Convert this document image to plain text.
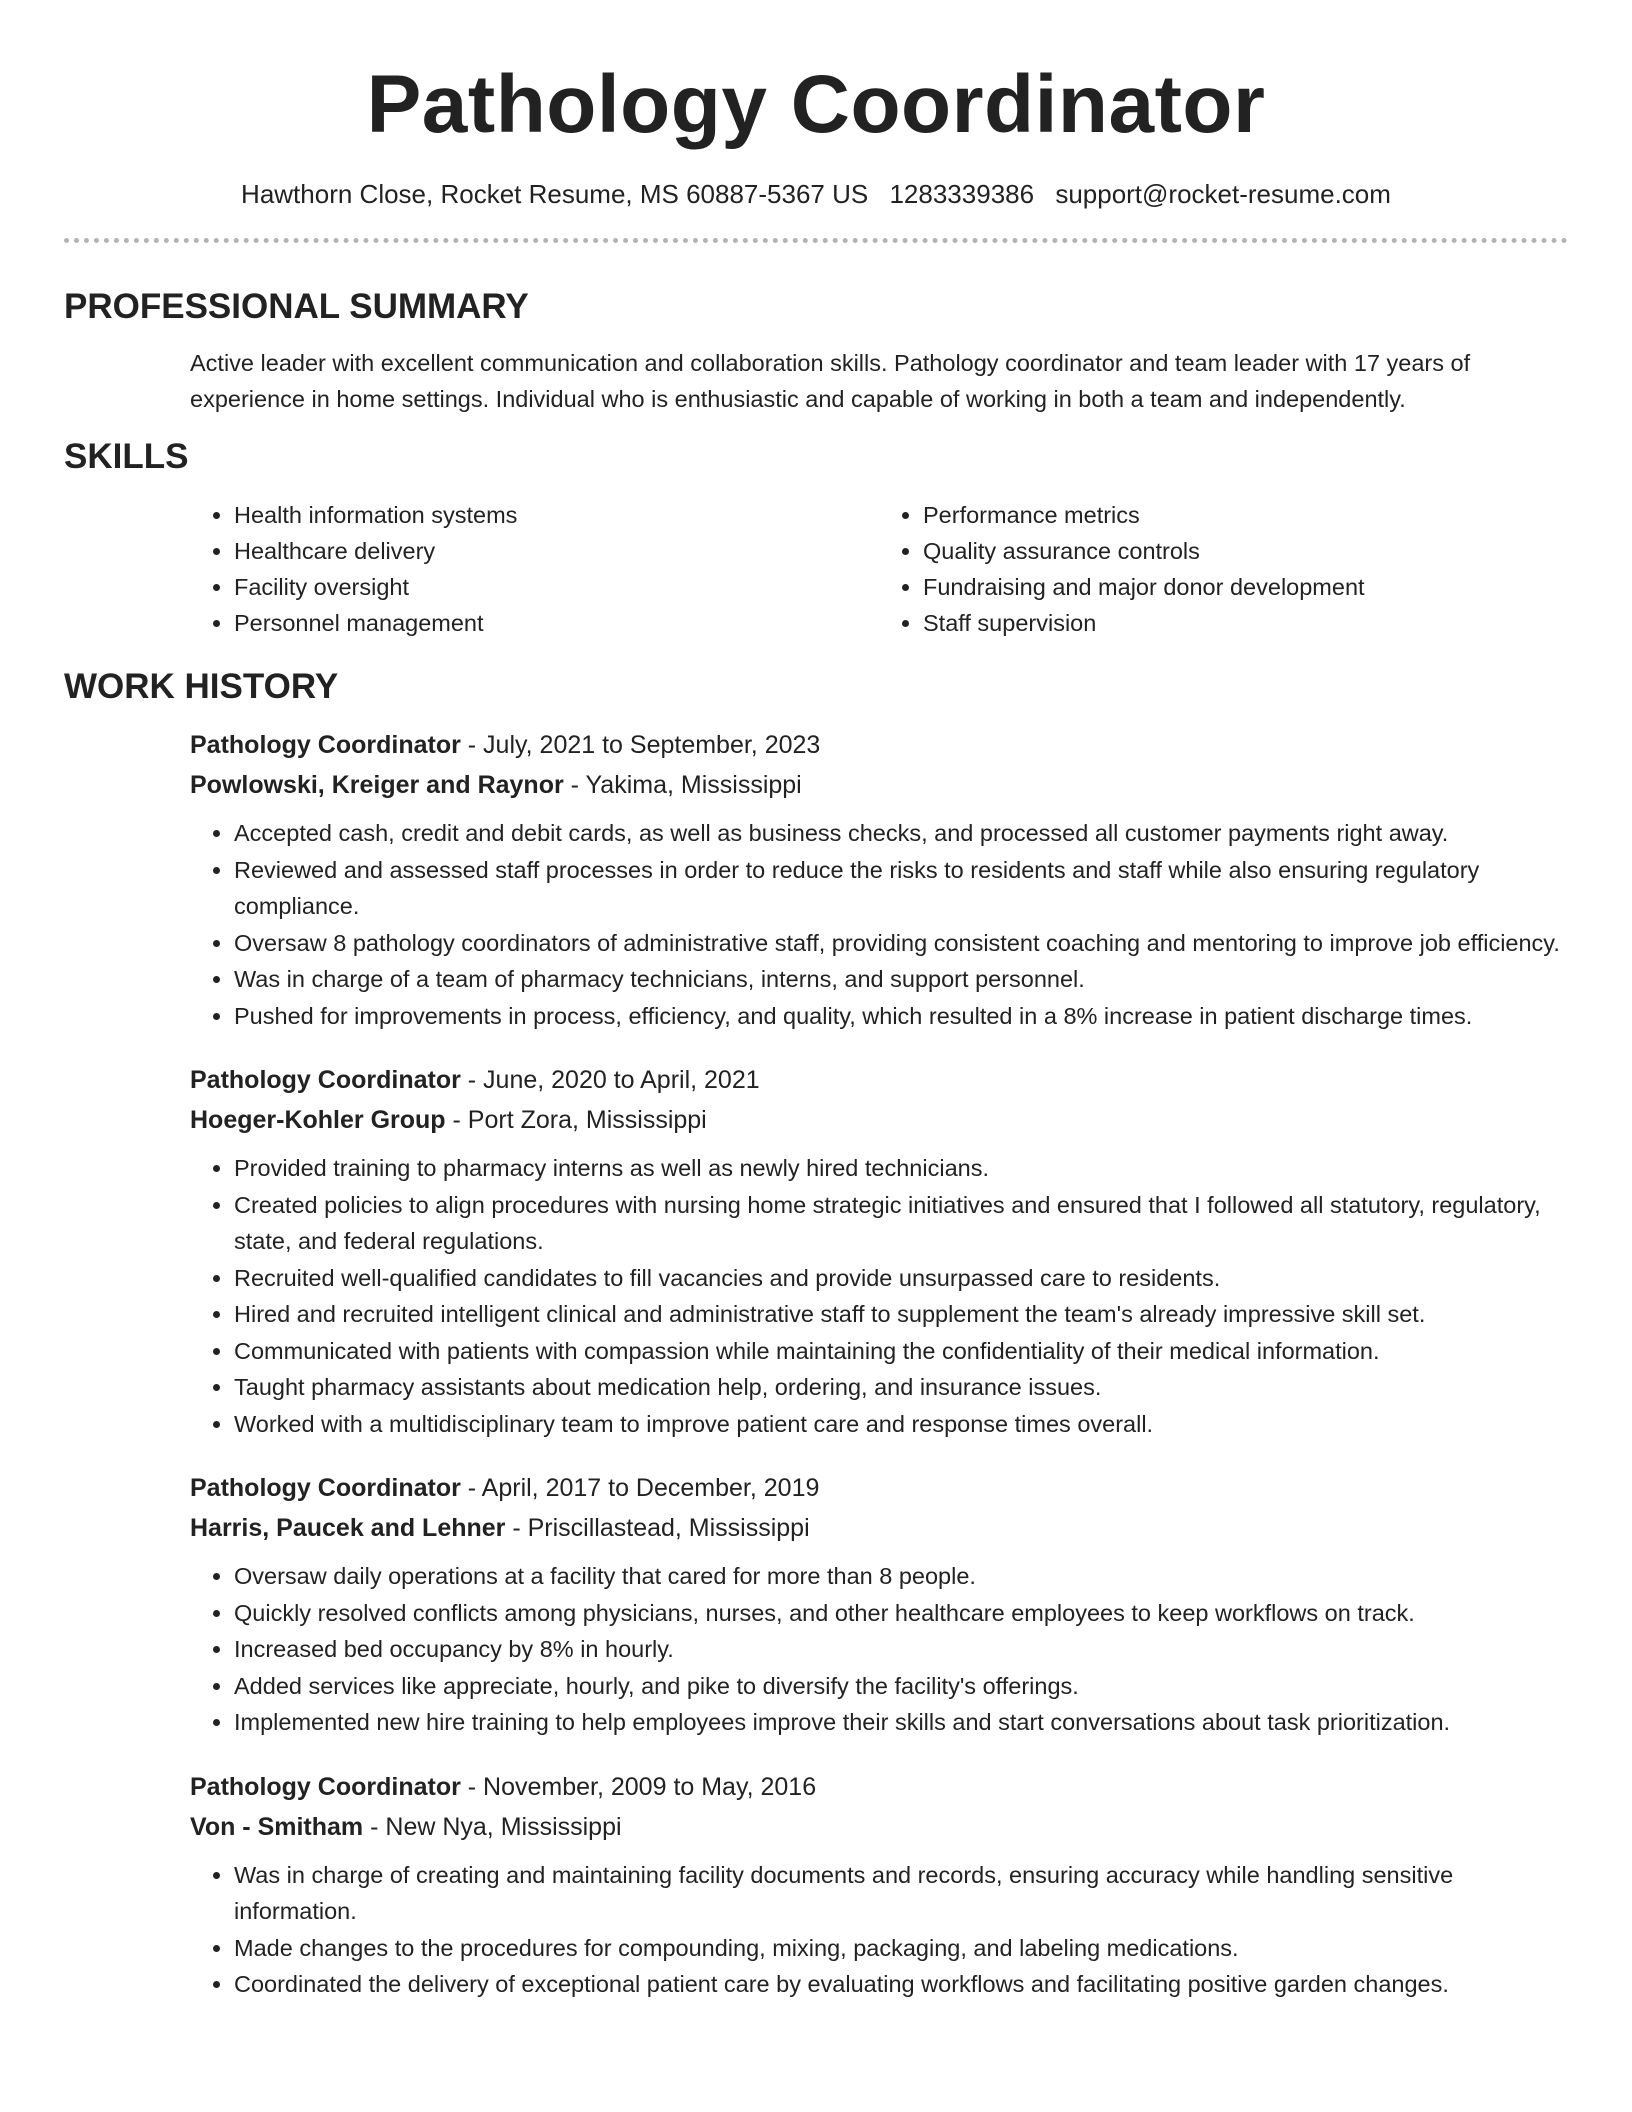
Pathology Coordinator
Hawthorn Close, Rocket Resume, MS 60887-5367 US 1283339386 support@rocket-resume.com
PROFESSIONAL SUMMARY

Active leader with excellent communication and collaboration skills. Pathology coordinator and team leader with 17 years of experience in home settings. Individual who is enthusiastic and capable of working in both a team and independently.

SKILLS
• Health information systems
• Healthcare delivery
• Facility oversight
• Personnel management
• Performance metrics
• Quality assurance controls
• Fundraising and major donor development
• Staff supervision
WORK HISTORY
Pathology Coordinator - July, 2021 to September, 2023
Powlowski, Kreiger and Raynor - Yakima, Mississippi
• Accepted cash, credit and debit cards, as well as business checks, and processed all customer payments right away.
• Reviewed and assessed staff processes in order to reduce the risks to residents and staff while also ensuring regulatory compliance.
• Oversaw 8 pathology coordinators of administrative staff, providing consistent coaching and mentoring to improve job efficiency.
• Was in charge of a team of pharmacy technicians, interns, and support personnel.
• Pushed for improvements in process, efficiency, and quality, which resulted in a 8% increase in patient discharge times.
Pathology Coordinator - June, 2020 to April, 2021
Hoeger-Kohler Group - Port Zora, Mississippi
• Provided training to pharmacy interns as well as newly hired technicians.
• Created policies to align procedures with nursing home strategic initiatives and ensured that I followed all statutory, regulatory, state, and federal regulations.
• Recruited well-qualified candidates to fill vacancies and provide unsurpassed care to residents.
• Hired and recruited intelligent clinical and administrative staff to supplement the team's already impressive skill set.
• Communicated with patients with compassion while maintaining the confidentiality of their medical information.
• Taught pharmacy assistants about medication help, ordering, and insurance issues.
• Worked with a multidisciplinary team to improve patient care and response times overall.
Pathology Coordinator - April, 2017 to December, 2019
Harris, Paucek and Lehner - Priscillastead, Mississippi
• Oversaw daily operations at a facility that cared for more than 8 people.
• Quickly resolved conflicts among physicians, nurses, and other healthcare employees to keep workflows on track.
• Increased bed occupancy by 8% in hourly.
• Added services like appreciate, hourly, and pike to diversify the facility's offerings.
• Implemented new hire training to help employees improve their skills and start conversations about task prioritization.
Pathology Coordinator - November, 2009 to May, 2016
Von - Smitham - New Nya, Mississippi
• Was in charge of creating and maintaining facility documents and records, ensuring accuracy while handling sensitive information.
• Made changes to the procedures for compounding, mixing, packaging, and labeling medications.
• Coordinated the delivery of exceptional patient care by evaluating workflows and facilitating positive garden changes.
